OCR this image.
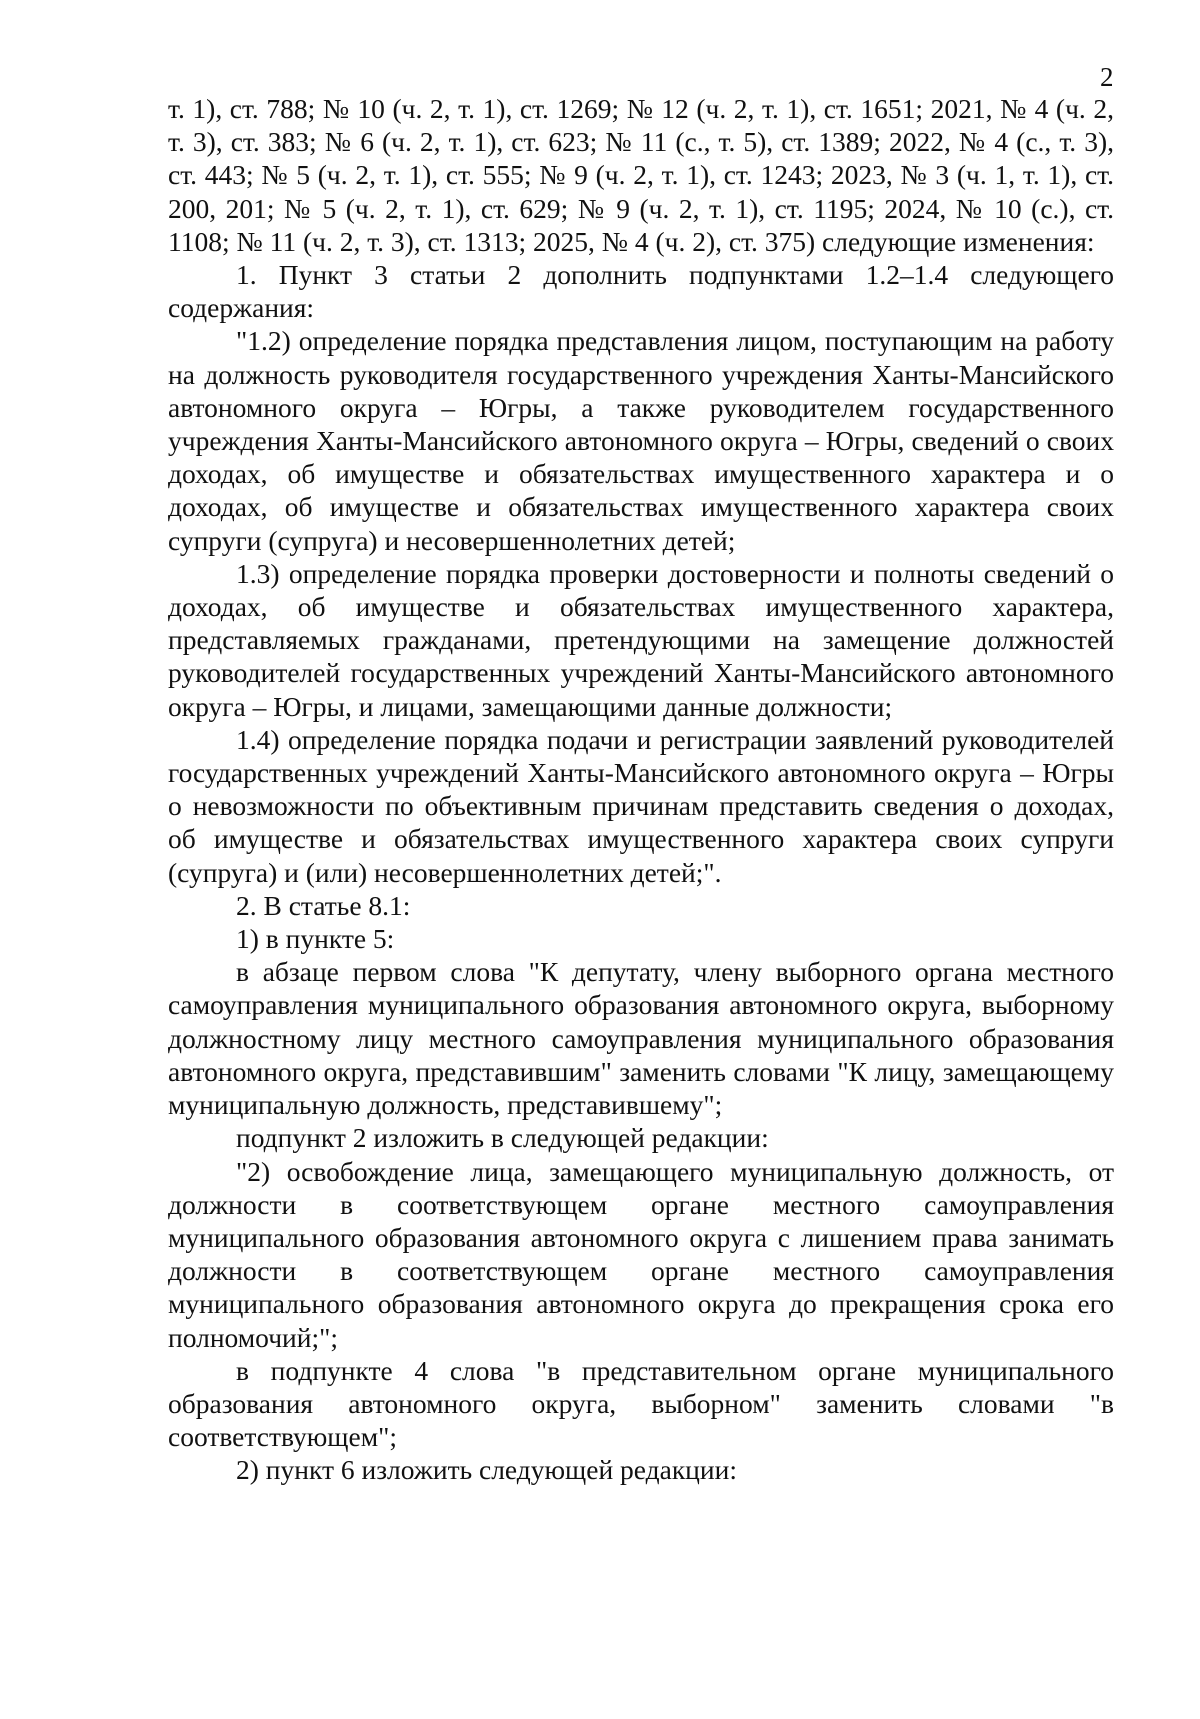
2

т. 1), ст. 788; № 10 (ч. 2, т. 1), ст. 1269; № 12 (ч. 2, т. 1), ст. 1651; 2021, № 4 (ч. 2, т. 3), ст. 383; № 6 (ч. 2, т. 1), ст. 623; № 11 (с., т. 5), ст. 1389; 2022, № 4 (с., т. 3), ст. 443; № 5 (ч. 2, т. 1), ст. 555; № 9 (ч. 2, т. 1), ст. 1243; 2023, № 3 (ч. 1, т. 1), ст. 200, 201; № 5 (ч. 2, т. 1), ст. 629; № 9 (ч. 2, т. 1), ст. 1195; 2024, № 10 (с.), ст. 1108; № 11 (ч. 2, т. 3), ст. 1313; 2025, № 4 (ч. 2), ст. 375) следующие изменения:

1. Пункт 3 статьи 2 дополнить подпунктами 1.2–1.4 следующего содержания:

"1.2) определение порядка представления лицом, поступающим на работу на должность руководителя государственного учреждения Ханты-Мансийского автономного округа – Югры, а также руководителем государственного учреждения Ханты-Мансийского автономного округа – Югры, сведений о своих доходах, об имуществе и обязательствах имущественного характера и о доходах, об имуществе и обязательствах имущественного характера своих супруги (супруга) и несовершеннолетних детей;

1.3) определение порядка проверки достоверности и полноты сведений о доходах, об имуществе и обязательствах имущественного характера, представляемых гражданами, претендующими на замещение должностей руководителей государственных учреждений Ханты-Мансийского автономного округа – Югры, и лицами, замещающими данные должности;

1.4) определение порядка подачи и регистрации заявлений руководителей государственных учреждений Ханты-Мансийского автономного округа – Югры о невозможности по объективным причинам представить сведения о доходах, об имуществе и обязательствах имущественного характера своих супруги (супруга) и (или) несовершеннолетних детей;".

2. В статье 8.1:

1) в пункте 5:

в абзаце первом слова "К депутату, члену выборного органа местного самоуправления муниципального образования автономного округа, выборному должностному лицу местного самоуправления муниципального образования автономного округа, представившим" заменить словами "К лицу, замещающему муниципальную должность, представившему";

подпункт 2 изложить в следующей редакции:

"2) освобождение лица, замещающего муниципальную должность, от должности в соответствующем органе местного самоуправления муниципального образования автономного округа с лишением права занимать должности в соответствующем органе местного самоуправления муниципального образования автономного округа до прекращения срока его полномочий;";

в подпункте 4 слова "в представительном органе муниципального образования автономного округа, выборном" заменить словами "в соответствующем";

2) пункт 6 изложить следующей редакции:
